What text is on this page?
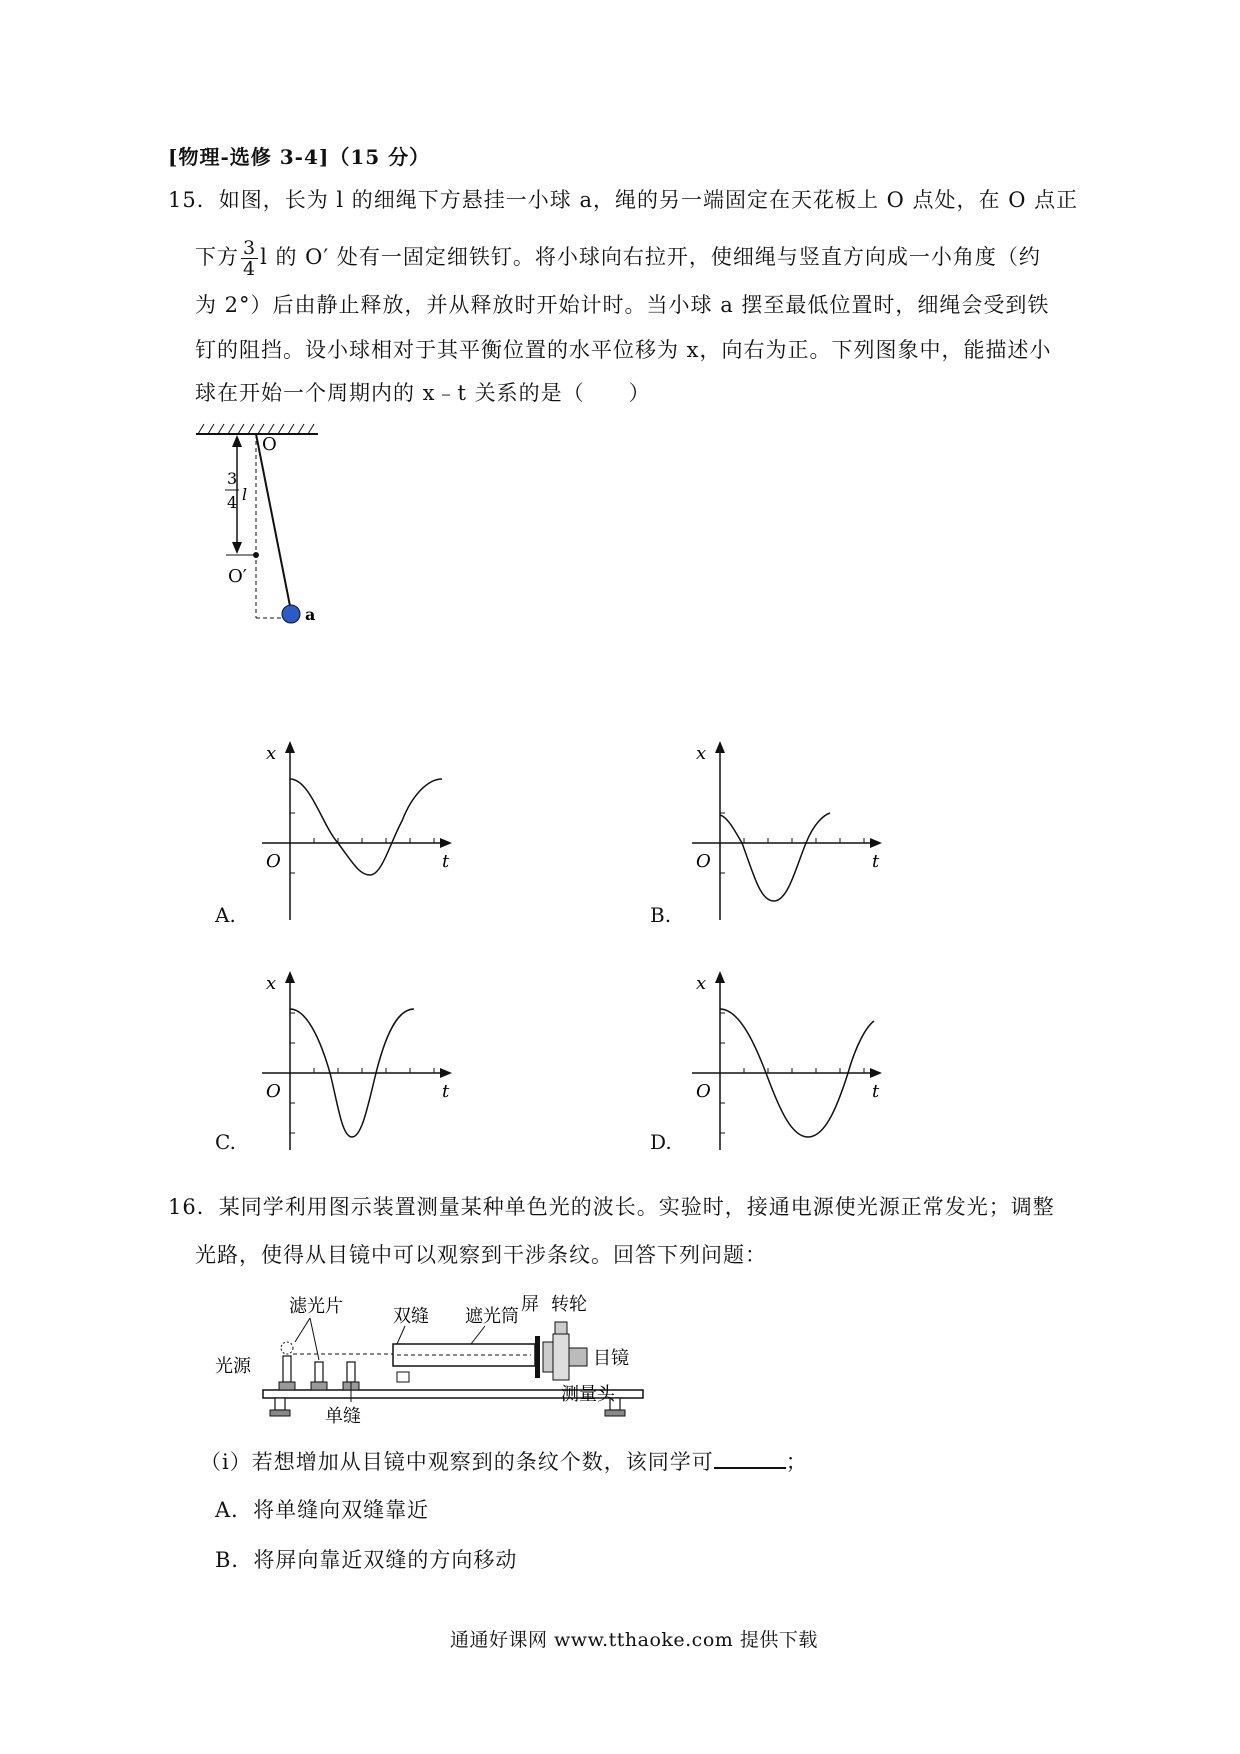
[物理-选修 3-4]（15 分）
15．如图，长为 l 的细绳下方悬挂一小球 a，绳的另一端固定在天花板上 O 点处，在 O 点正
下方 $\frac{3}{4}$ l 的 O′ 处有一固定细铁钉。将小球向右拉开，使细绳与竖直方向成一小角度（约
为 2°）后由静止释放，并从释放时开始计时。当小球 a 摆至最低位置时，细绳会受到铁
钉的阻挡。设小球相对于其平衡位置的水平位移为 x，向右为正。下列图象中，能描述小
球在开始一个周期内的 x﹣t 关系的是（　　）
O
O′
a
3
4 l
A.
x
t
O
B.
x
t
O
C.
x
t
O
D.
x
t
O
16．某同学利用图示装置测量某种单色光的波长。实验时，接通电源使光源正常发光；调整
光路，使得从目镜中可以观察到干涉条纹。回答下列问题：
光源
滤光片	双缝 遮光筒
屏 转轮
目镜
单缝
测量头
（i）若想增加从目镜中观察到的条纹个数，该同学可	；
A．将单缝向双缝靠近
B．将屏向靠近双缝的方向移动
通通好课网 www.tthaoke.com 提供下载
